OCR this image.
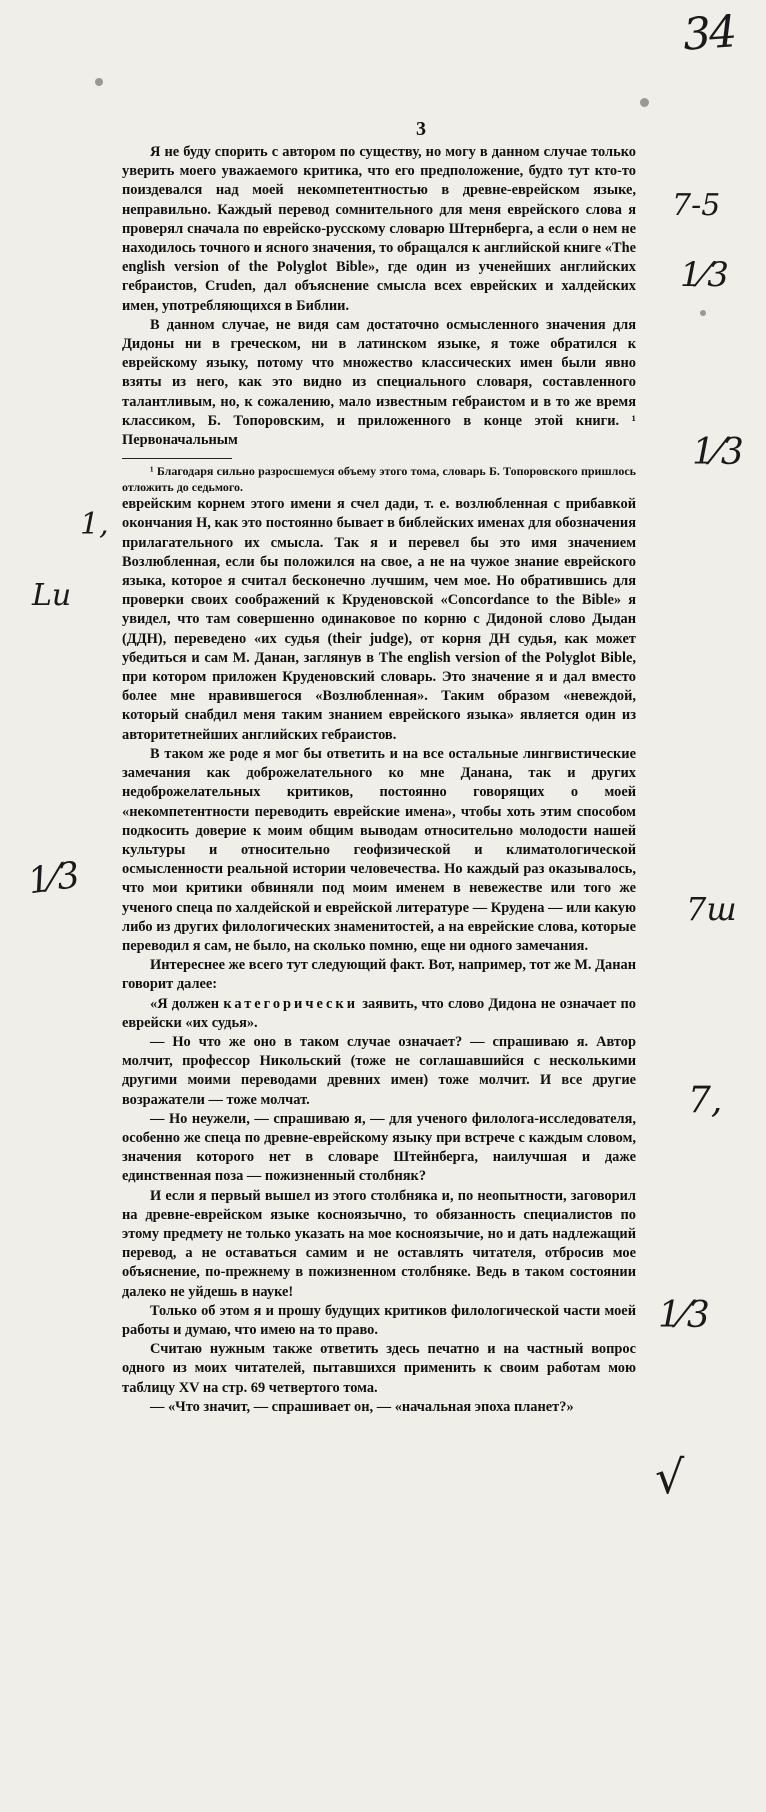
34
7-5
1⁄3
1⁄3
1,
Lи
1⁄3
7ш
7,
1⁄3
√
3

Я не буду спорить с автором по существу, но могу в данном случае только уверить моего уважаемого критика, что его предположение, будто тут кто-то поиздевался над моей некомпетентностью в древне-еврейском языке, неправильно. Каждый перевод сомнительного для меня еврейского слова я проверял сначала по еврейско-русскому словарю Штернберга, а если о нем не находилось точного и ясного значения, то обращался к английской книге «The english version of the Polyglot Bible», где один из ученейших английских гебраистов, Cruden, дал объяснение смысла всех еврейских и халдейских имен, употребляющихся в Библии.

В данном случае, не видя сам достаточно осмысленного значения для Дидоны ни в греческом, ни в латинском языке, я тоже обратился к еврейскому языку, потому что множество классических имен были явно взяты из него, как это видно из специального словаря, составленного талантливым, но, к сожалению, мало известным гебраистом и в то же время классиком, Б. Топоровским, и приложенного в конце этой книги. ¹ Первоначальным

¹ Благодаря сильно разросшемуся объему этого тома, словарь Б. Топоровского пришлось отложить до седьмого.

еврейским корнем этого имени я счел дади, т. е. возлюбленная с прибавкой окончания Н, как это постоянно бывает в библейских именах для обозначения прилагательного их смысла. Так я и перевел бы это имя значением Возлюбленная, если бы положился на свое, а не на чужое знание еврейского языка, которое я считал бесконечно лучшим, чем мое. Но обратившись для проверки своих соображений к Круденовской «Concordance to the Bible» я увидел, что там совершенно одинаковое по корню с Дидоной слово Дыдан (ДДН), переведено «их судья (their judge), от корня ДН судья, как может убедиться и сам М. Данан, заглянув в The english version of the Polyglot Bible, при котором приложен Круденовский словарь. Это значение я и дал вместо более мне нравившегося «Возлюбленная». Таким образом «невеждой, который снабдил меня таким знанием еврейского языка» является один из авторитетнейших английских гебраистов.

В таком же роде я мог бы ответить и на все остальные лингвистические замечания как доброжелательного ко мне Данана, так и других недоброжелательных критиков, постоянно говорящих о моей «некомпетентности переводить еврейские имена», чтобы хоть этим способом подкосить доверие к моим общим выводам относительно молодости нашей культуры и относительно геофизической и климатологической осмысленности реальной истории человечества. Но каждый раз оказывалось, что мои критики обвиняли под моим именем в невежестве или того же ученого спеца по халдейской и еврейской литературе — Крудена — или какую либо из других филологических знаменитостей, а на еврейские слова, которые переводил я сам, не было, на сколько помню, еще ни одного замечания.

Интереснее же всего тут следующий факт. Вот, например, тот же М. Данан говорит далее:

«Я должен категорически заявить, что слово Дидона не означает по еврейски «их судья».

— Но что же оно в таком случае означает? — спрашиваю я. Автор молчит, профессор Никольский (тоже не соглашавшийся с несколькими другими моими переводами древних имен) тоже молчит. И все другие возражатели — тоже молчат.

— Но неужели, — спрашиваю я, — для ученого филолога-исследователя, особенно же спеца по древне-еврейскому языку при встрече с каждым словом, значения которого нет в словаре Штейнберга, наилучшая и даже единственная поза — пожизненный столбняк?

И если я первый вышел из этого столбняка и, по неопытности, заговорил на древне-еврейском языке косноязычно, то обязанность специалистов по этому предмету не только указать на мое косноязычие, но и дать надлежащий перевод, а не оставаться самим и не оставлять читателя, отбросив мое объяснение, по-прежнему в пожизненном столбняке. Ведь в таком состоянии далеко не уйдешь в науке!

Только об этом я и прошу будущих критиков филологической части моей работы и думаю, что имею на то право.

Считаю нужным также ответить здесь печатно и на частный вопрос одного из моих читателей, пытавшихся применить к своим работам мою таблицу XV на стр. 69 четвертого тома.

— «Что значит, — спрашивает он, — «начальная эпоха планет?»
